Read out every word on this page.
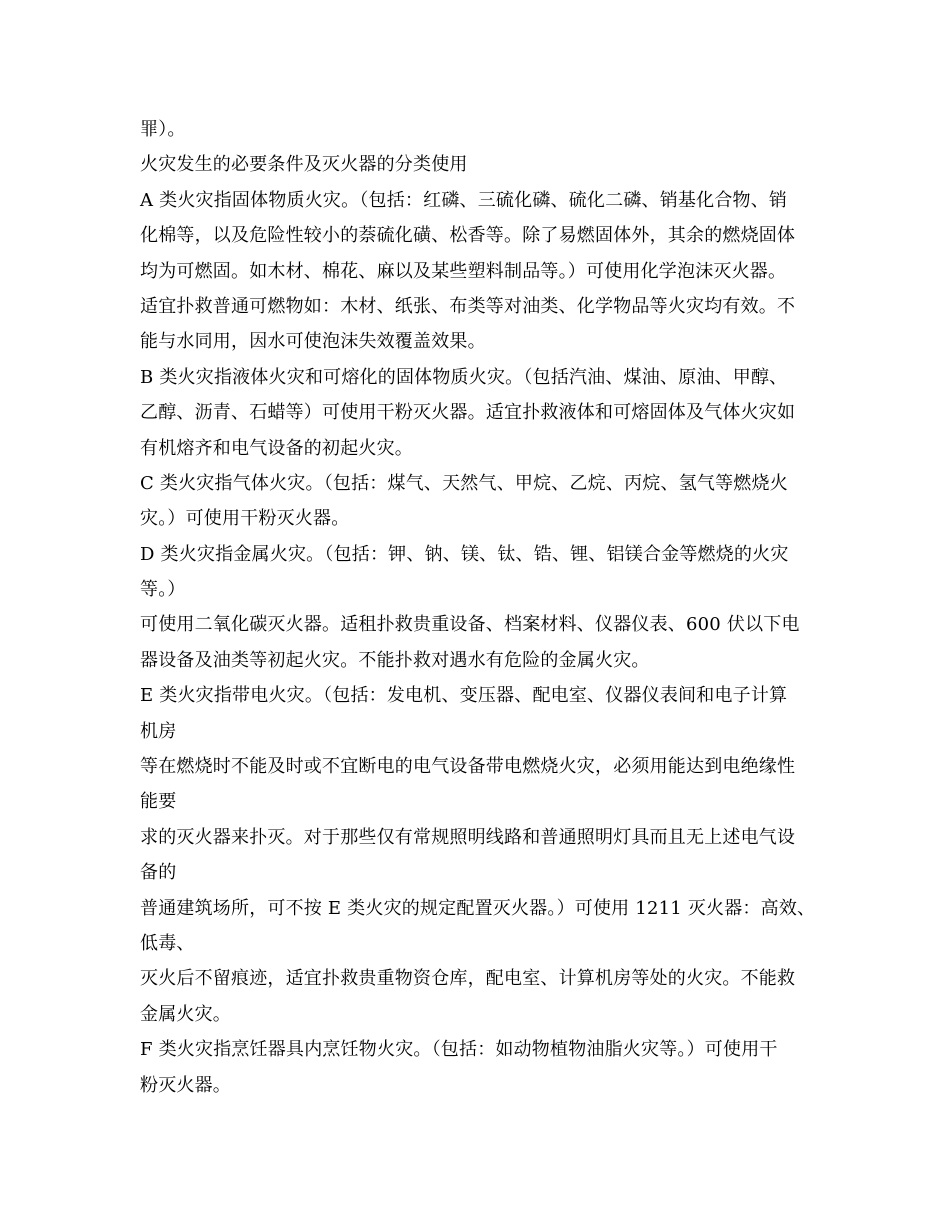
罪）。
火灾发生的必要条件及灭火器的分类使用
A 类火灾指固体物质火灾。（包括：红磷、三硫化磷、硫化二磷、销基化合物、销
化棉等，以及危险性较小的萘硫化磺、松香等。除了易燃固体外，其余的燃烧固体
均为可燃固。如木材、棉花、麻以及某些塑料制品等。）可使用化学泡沫灭火器。
适宜扑救普通可燃物如：木材、纸张、布类等对油类、化学物品等火灾均有效。不
能与水同用，因水可使泡沫失效覆盖效果。
B 类火灾指液体火灾和可熔化的固体物质火灾。（包括汽油、煤油、原油、甲醇、
乙醇、沥青、石蜡等）可使用干粉灭火器。适宜扑救液体和可熔固体及气体火灾如
有机熔齐和电气设备的初起火灾。
C 类火灾指气体火灾。（包括：煤气、天然气、甲烷、乙烷、丙烷、氢气等燃烧火
灾。）可使用干粉灭火器。
D 类火灾指金属火灾。（包括：钾、钠、镁、钛、锆、锂、铝镁合金等燃烧的火灾
等。）
可使用二氧化碳灭火器。适租扑救贵重设备、档案材料、仪器仪表、600 伏以下电
器设备及油类等初起火灾。不能扑救对遇水有危险的金属火灾。
E 类火灾指带电火灾。（包括：发电机、变压器、配电室、仪器仪表间和电子计算
机房
等在燃烧时不能及时或不宜断电的电气设备带电燃烧火灾，必须用能达到电绝缘性
能要
求的灭火器来扑灭。对于那些仅有常规照明线路和普通照明灯具而且无上述电气设
备的
普通建筑场所，可不按 E 类火灾的规定配置灭火器。）可使用 1211 灭火器：高效、
低毒、
灭火后不留痕迹，适宜扑救贵重物资仓库，配电室、计算机房等处的火灾。不能救
金属火灾。
F 类火灾指烹饪器具内烹饪物火灾。（包括：如动物植物油脂火灾等。）可使用干
粉灭火器。
